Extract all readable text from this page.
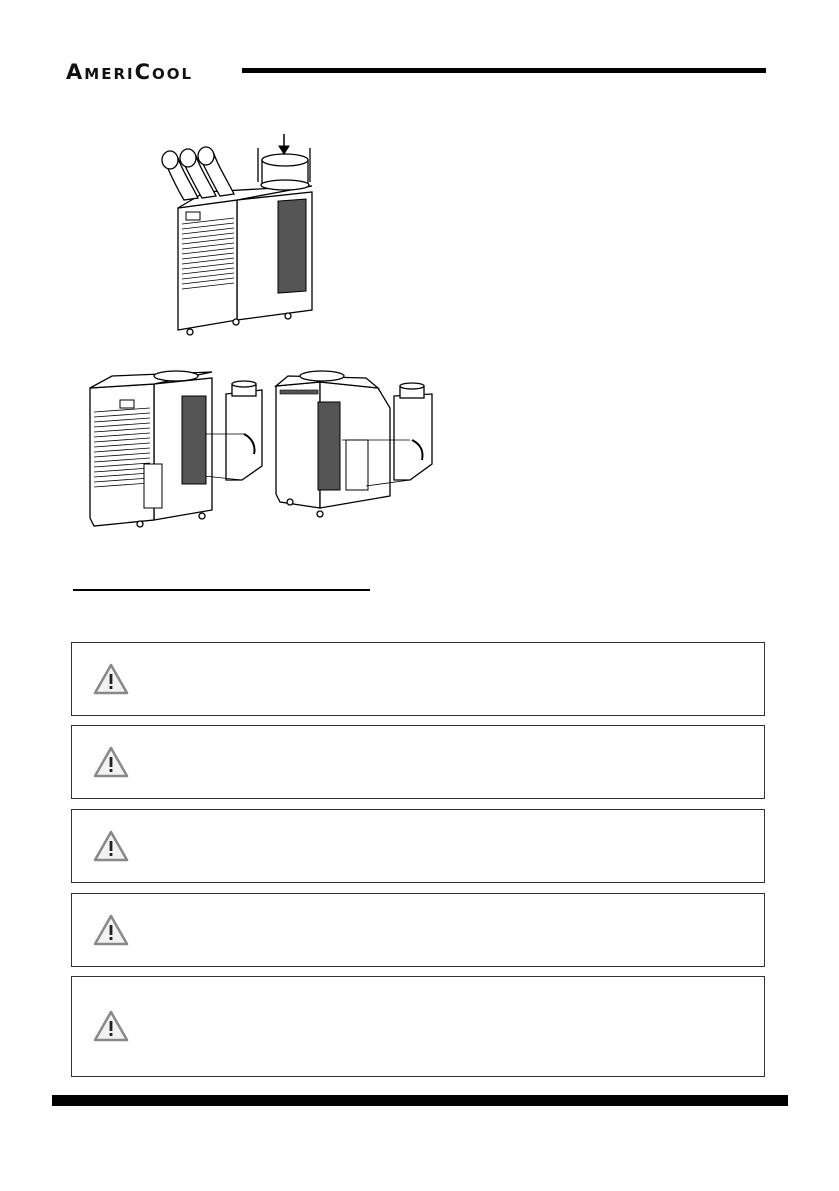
AMERICOOL
